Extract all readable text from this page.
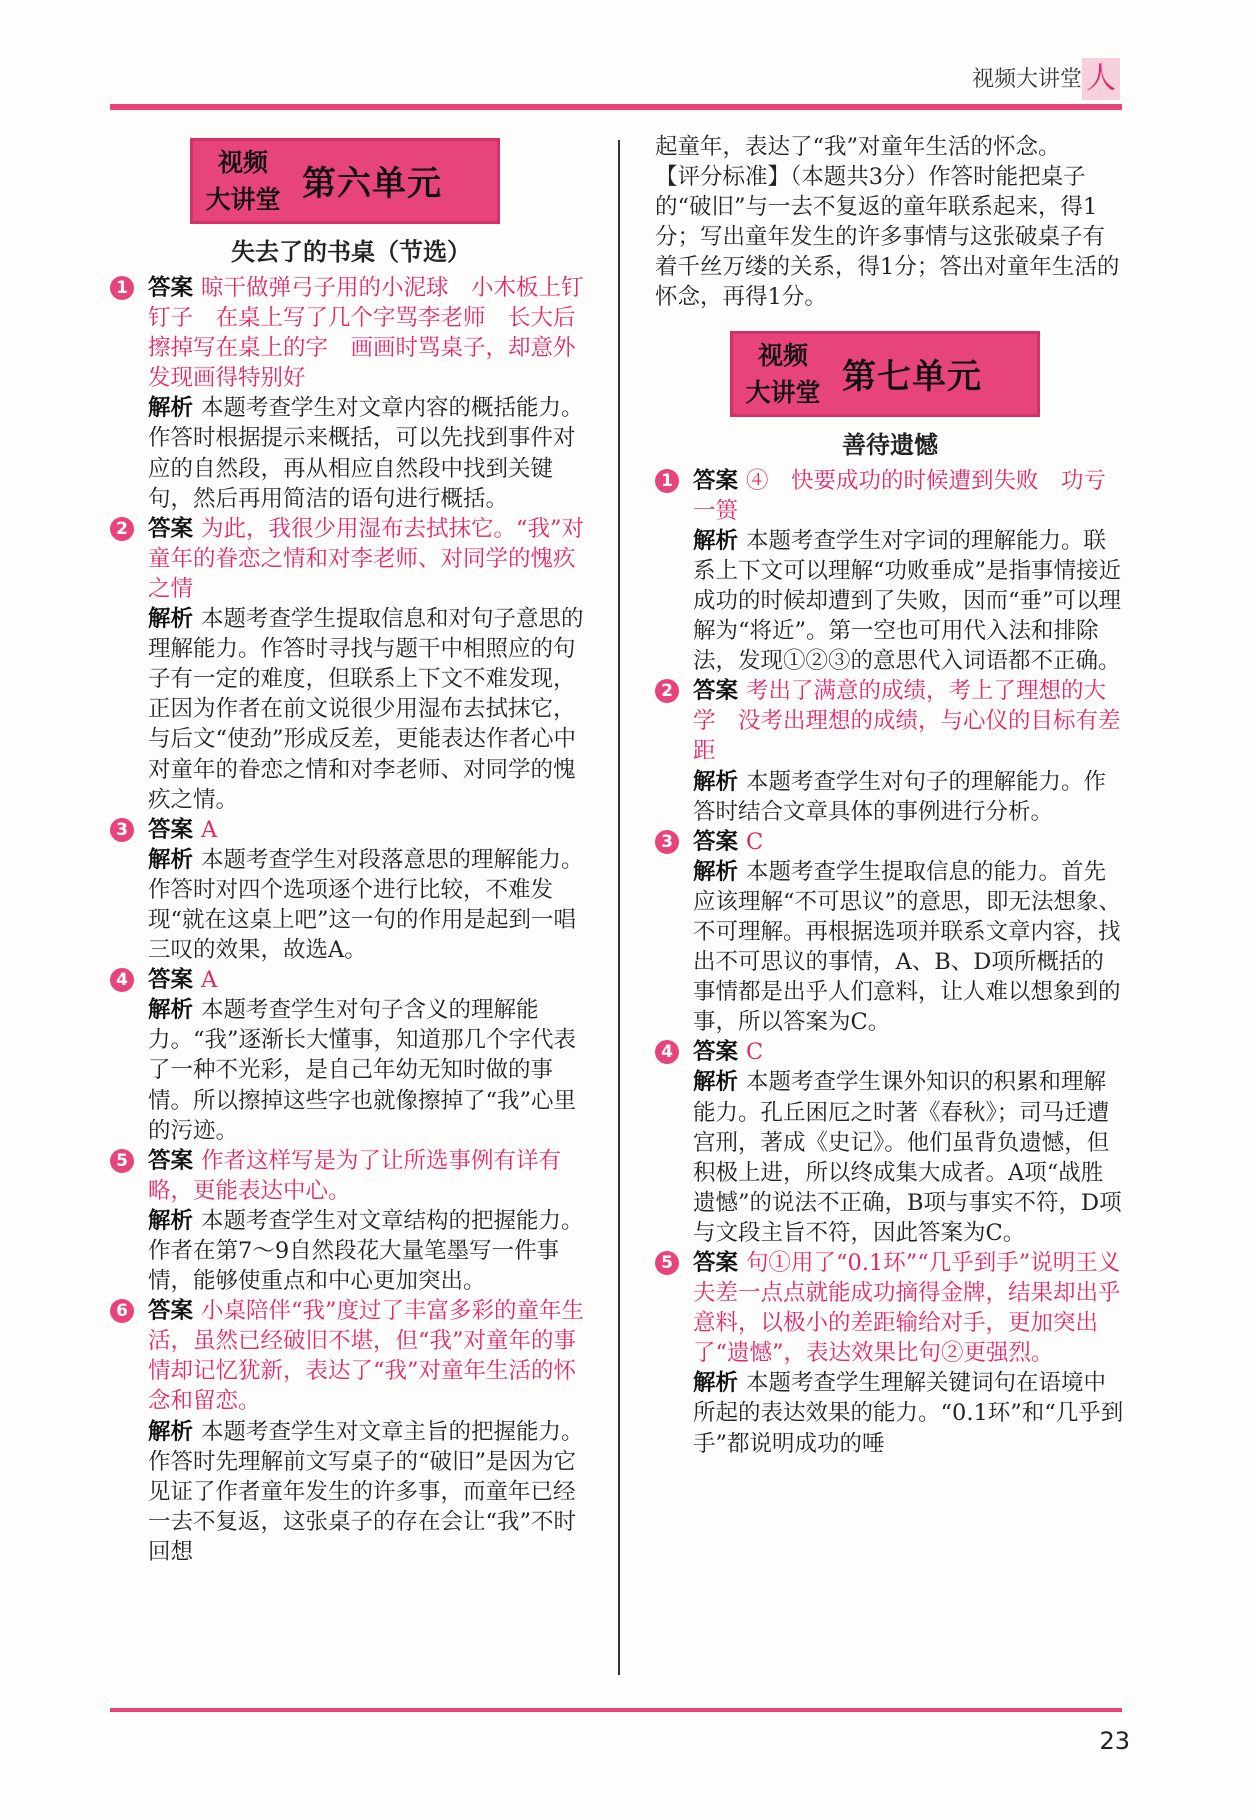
视频大讲堂 人
视频
大讲堂 第六单元
失去了的书桌（节选）
1 答案 晾干做弹弓子用的小泥球　小木板上钉钉子　在桌上写了几个字骂李老师　长大后擦掉写在桌上的字　画画时骂桌子，却意外发现画得特别好
解析 本题考查学生对文章内容的概括能力。作答时根据提示来概括，可以先找到事件对应的自然段，再从相应自然段中找到关键句，然后再用简洁的语句进行概括。
2 答案 为此，我很少用湿布去拭抹它。“我”对童年的眷恋之情和对李老师、对同学的愧疚之情
解析 本题考查学生提取信息和对句子意思的理解能力。作答时寻找与题干中相照应的句子有一定的难度，但联系上下文不难发现，正因为作者在前文说很少用湿布去拭抹它，与后文“使劲”形成反差，更能表达作者心中对童年的眷恋之情和对李老师、对同学的愧疚之情。
3 答案 A
解析 本题考查学生对段落意思的理解能力。作答时对四个选项逐个进行比较，不难发现“就在这桌上吧”这一句的作用是起到一唱三叹的效果，故选A。
4 答案 A
解析 本题考查学生对句子含义的理解能力。“我”逐渐长大懂事，知道那几个字代表了一种不光彩，是自己年幼无知时做的事情。所以擦掉这些字也就像擦掉了“我”心里的污迹。
5 答案 作者这样写是为了让所选事例有详有略，更能表达中心。
解析 本题考查学生对文章结构的把握能力。作者在第7～9自然段花大量笔墨写一件事情，能够使重点和中心更加突出。
6 答案 小桌陪伴“我”度过了丰富多彩的童年生活，虽然已经破旧不堪，但“我”对童年的事情却记忆犹新，表达了“我”对童年生活的怀念和留恋。
解析 本题考查学生对文章主旨的把握能力。作答时先理解前文写桌子的“破旧”是因为它见证了作者童年发生的许多事，而童年已经一去不复返，这张桌子的存在会让“我”不时回想
起童年，表达了“我”对童年生活的怀念。
【评分标准】（本题共3分）作答时能把桌子的“破旧”与一去不复返的童年联系起来，得1分；写出童年发生的许多事情与这张破桌子有着千丝万缕的关系，得1分；答出对童年生活的怀念，再得1分。
视频
大讲堂 第七单元
善待遗憾
1 答案 ④　快要成功的时候遭到失败　功亏一篑
解析 本题考查学生对字词的理解能力。联系上下文可以理解“功败垂成”是指事情接近成功的时候却遭到了失败，因而“垂”可以理解为“将近”。第一空也可用代入法和排除法，发现①②③的意思代入词语都不正确。
2 答案 考出了满意的成绩，考上了理想的大学　没考出理想的成绩，与心仪的目标有差距
解析 本题考查学生对句子的理解能力。作答时结合文章具体的事例进行分析。
3 答案 C
解析 本题考查学生提取信息的能力。首先应该理解“不可思议”的意思，即无法想象、不可理解。再根据选项并联系文章内容，找出不可思议的事情，A、B、D项所概括的事情都是出乎人们意料，让人难以想象到的事，所以答案为C。
4 答案 C
解析 本题考查学生课外知识的积累和理解能力。孔丘困厄之时著《春秋》；司马迁遭宫刑，著成《史记》。他们虽背负遗憾，但积极上进，所以终成集大成者。A项“战胜遗憾”的说法不正确，B项与事实不符，D项与文段主旨不符，因此答案为C。
5 答案 句①用了“0.1环”“几乎到手”说明王义夫差一点点就能成功摘得金牌，结果却出乎意料，以极小的差距输给对手，更加突出了“遗憾”，表达效果比句②更强烈。
解析 本题考查学生理解关键词句在语境中所起的表达效果的能力。“0.1环”和“几乎到手”都说明成功的唾
23
